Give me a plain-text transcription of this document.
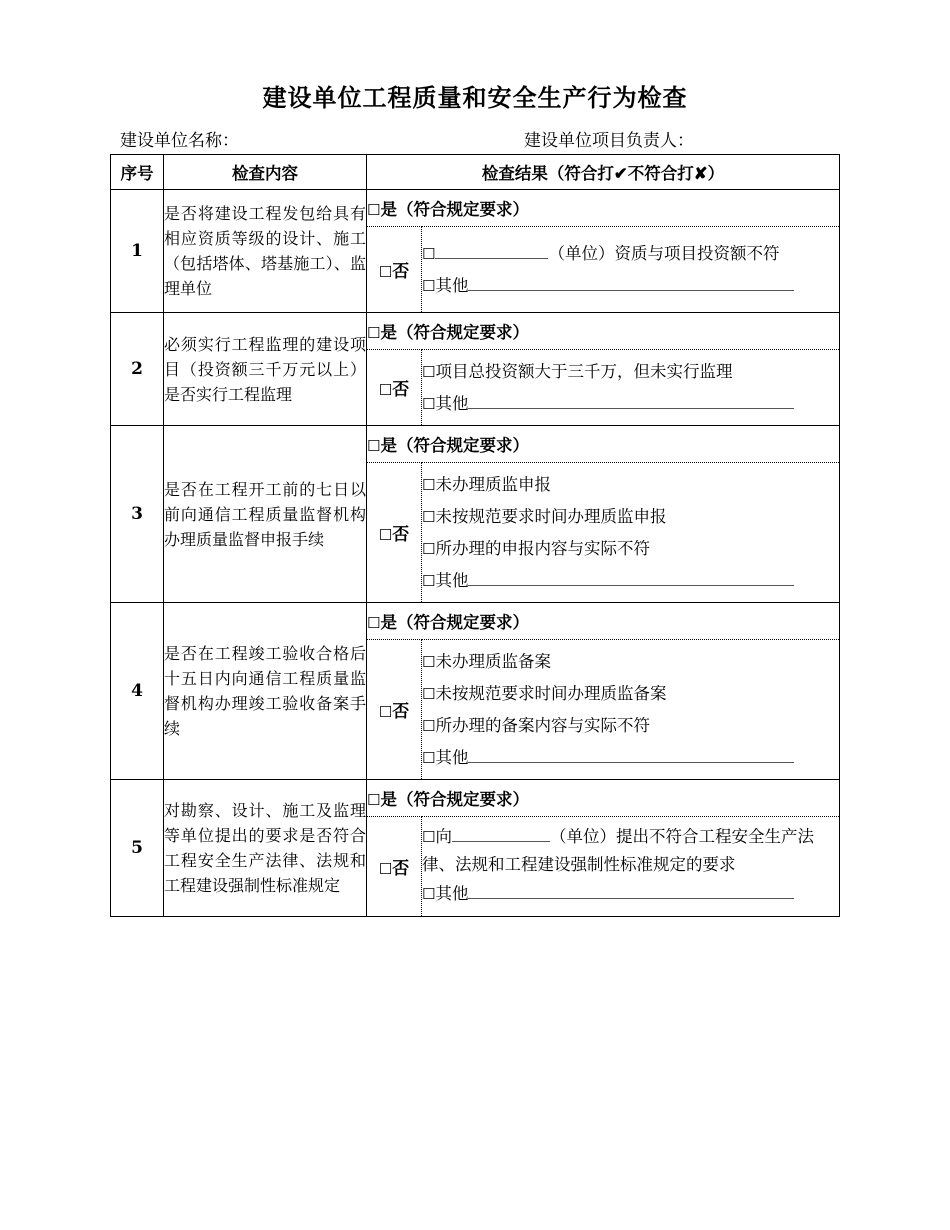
建设单位工程质量和安全生产行为检查
建设单位名称：	建设单位项目负责人：
序号	检查内容	检查结果（符合打✔不符合打✘）	
1	是否将建设工程发包给具有相应资质等级的设计、施工（包括塔体、塔基施工）、监理单位	☐是（符合规定要求）	
		☐否	☐ （单位）资质与项目投资额不符
☐其他

2	必须实行工程监理的建设项目（投资额三千万元以上）是否实行工程监理	☐是（符合规定要求）	
		☐否	☐项目总投资额大于三千万，但未实行监理
☐其他

3	是否在工程开工前的七日以前向通信工程质量监督机构办理质量监督申报手续	☐是（符合规定要求）	
		☐否	☐未办理质监申报
☐未按规范要求时间办理质监申报
☐所办理的申报内容与实际不符
☐其他

4	是否在工程竣工验收合格后十五日内向通信工程质量监督机构办理竣工验收备案手续	☐是（符合规定要求）	
		☐否	☐未办理质监备案
☐未按规范要求时间办理质监备案
☐所办理的备案内容与实际不符
☐其他

5	对勘察、设计、施工及监理等单位提出的要求是否符合工程安全生产法律、法规和工程建设强制性标准规定	☐是（符合规定要求）	
		☐否	☐向 （单位）提出不符合工程安全生产法律、法规和工程建设强制性标准规定的要求
☐其他
